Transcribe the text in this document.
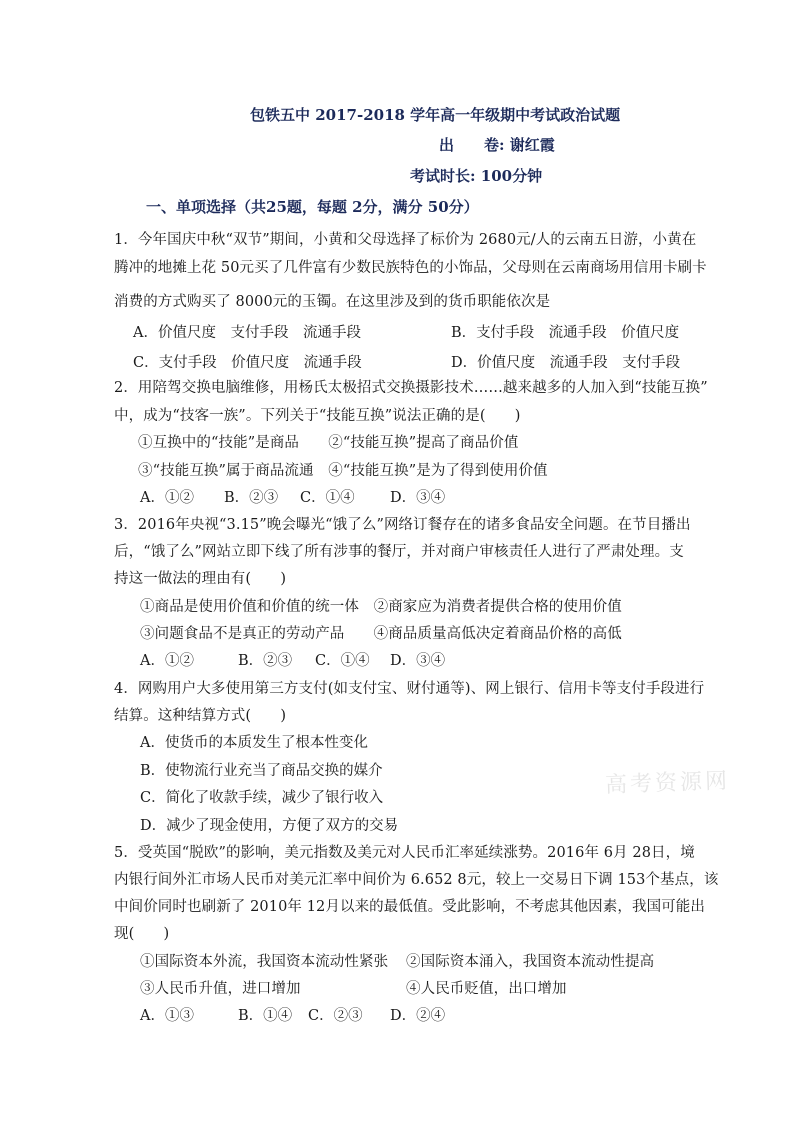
包铁五中 2017-2018 学年高一年级期中考试政治试题
出　　卷: 谢红霞
考试时长: 100分钟
一、单项选择（共25题，每题 2分，满分 50分）
1．今年国庆中秋“双节”期间，小黄和父母选择了标价为 2680元/人的云南五日游，小黄在
腾冲的地摊上花 50元买了几件富有少数民族特色的小饰品，父母则在云南商场用信用卡刷卡
消费的方式购买了 8000元的玉镯。在这里涉及到的货币职能依次是
A．价值尺度　支付手段　流通手段	B．支付手段　流通手段　价值尺度
C．支付手段　价值尺度　流通手段	D．价值尺度　流通手段　支付手段
2．用陪驾交换电脑维修，用杨氏太极招式交换摄影技术……越来越多的人加入到“技能互换”
中，成为“技客一族”。下列关于“技能互换”说法正确的是(　　)
①互换中的“技能”是商品　　②“技能互换”提高了商品价值
③“技能互换”属于商品流通　④“技能互换”是为了得到使用价值
A．①② B．②③ C．①④ D．③④
3．2016年央视“3.15”晚会曝光“饿了么”网络订餐存在的诸多食品安全问题。在节目播出
后，“饿了么”网站立即下线了所有涉事的餐厅，并对商户审核责任人进行了严肃处理。支
持这一做法的理由有(　　)
①商品是使用价值和价值的统一体　②商家应为消费者提供合格的使用价值
③问题食品不是真正的劳动产品　　④商品质量高低决定着商品价格的高低
A．①②	B．②③ C．①④ D．③④
4．网购用户大多使用第三方支付(如支付宝、财付通等)、网上银行、信用卡等支付手段进行
结算。这种结算方式(　　)
A．使货币的本质发生了根本性变化
B．使物流行业充当了商品交换的媒介
C．简化了收款手续，减少了银行收入
D．减少了现金使用，方便了双方的交易
高考资源网
5．受英国“脱欧”的影响，美元指数及美元对人民币汇率延续涨势。2016年 6月 28日，境
内银行间外汇市场人民币对美元汇率中间价为 6.652 8元，较上一交易日下调 153个基点，该
中间价同时也刷新了 2010年 12月以来的最低值。受此影响，不考虑其他因素，我国可能出
现(　　)
①国际资本外流，我国资本流动性紧张 ②国际资本涌入，我国资本流动性提高
③人民币升值，进口增加	④人民币贬值，出口增加
A．①③	B．①④ C．②③ D．②④
